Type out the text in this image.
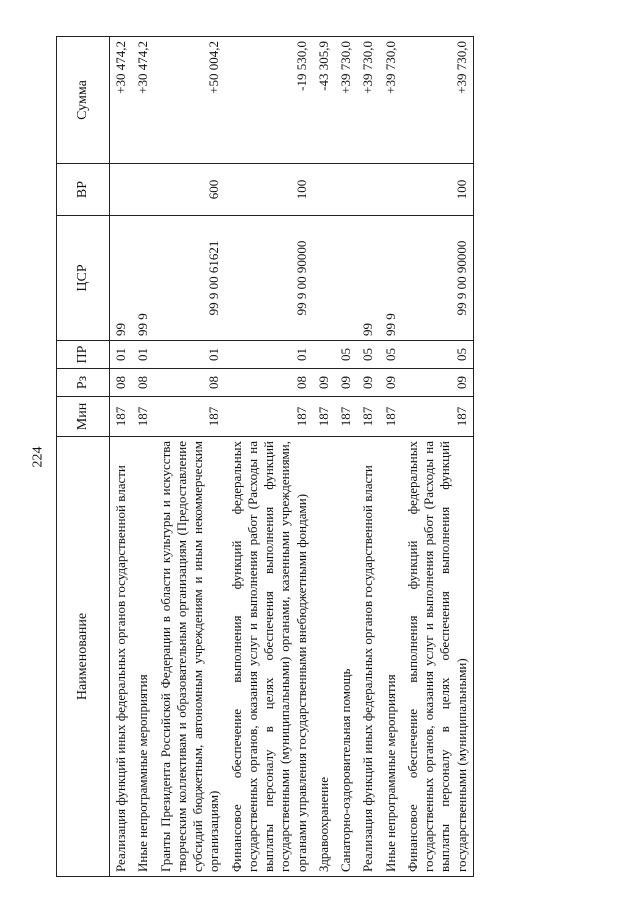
224
Наименование	Мин	Рз	ПР	ЦСР	ВР	Сумма
Реализация функций иных федеральных органов государственной власти	187	08	01	99		+30 474,2
Иные непрограммные мероприятия	187	08	01	99 9		+30 474,2
Гранты Президента Российской Федерации в области культуры и искусства творческим коллективам и образовательным организациям (Предоставление субсидий бюджетным, автономным учреждениям и иным некоммерческим организациям)	187	08	01	99 9 00 61621	600	+50 004,2
Финансовое обеспечение выполнения функций федеральных государственных органов, оказания услуг и выполнения работ (Расходы на выплаты персоналу в целях обеспечения выполнения функций государственными (муниципальными) органами, казенными учреждениями, органами управления государственными внебюджетными фондами)	187	08	01	99 9 00 90000	100	-19 530,0
Здравоохранение	187	09				-43 305,9
Санаторно-оздоровительная помощь	187	09	05			+39 730,0
Реализация функций иных федеральных органов государственной власти	187	09	05	99		+39 730,0
Иные непрограммные мероприятия	187	09	05	99 9		+39 730,0
Финансовое обеспечение выполнения функций федеральных государственных органов, оказания услуг и выполнения работ (Расходы на выплаты персоналу в целях обеспечения выполнения функций государственными (муниципальными)	187	09	05	99 9 00 90000	100	+39 730,0
